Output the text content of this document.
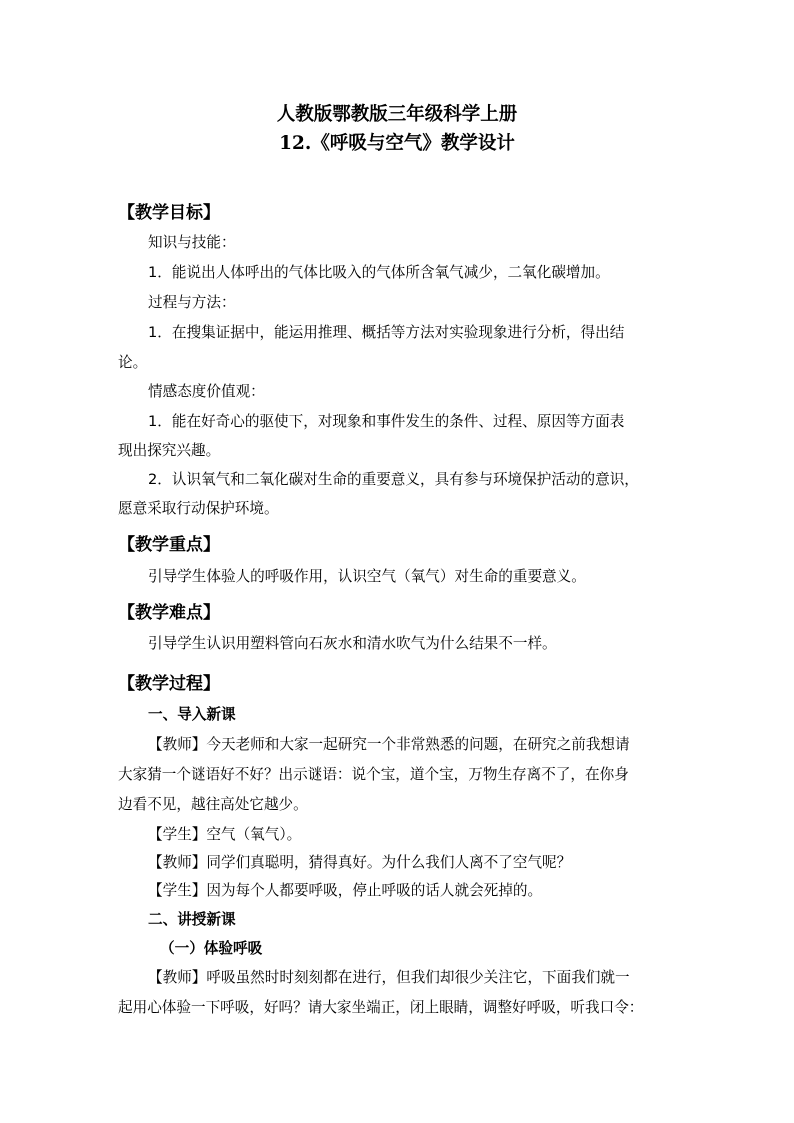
人教版鄂教版三年级科学上册
12.《呼吸与空气》教学设计
【教学目标】
知识与技能：
1．能说出人体呼出的气体比吸入的气体所含氧气减少，二氧化碳增加。
过程与方法：
1．在搜集证据中，能运用推理、概括等方法对实验现象进行分析，得出结
论。
情感态度价值观：
1．能在好奇心的驱使下，对现象和事件发生的条件、过程、原因等方面表
现出探究兴趣。
2．认识氧气和二氧化碳对生命的重要意义，具有参与环境保护活动的意识，
愿意采取行动保护环境。
【教学重点】
引导学生体验人的呼吸作用，认识空气（氧气）对生命的重要意义。
【教学难点】
引导学生认识用塑料管向石灰水和清水吹气为什么结果不一样。
【教学过程】
一、导入新课
【教师】今天老师和大家一起研究一个非常熟悉的问题，在研究之前我想请
大家猜一个谜语好不好？出示谜语：说个宝，道个宝，万物生存离不了，在你身
边看不见，越往高处它越少。
【学生】空气（氧气）。
【教师】同学们真聪明，猜得真好。为什么我们人离不了空气呢？
【学生】因为每个人都要呼吸，停止呼吸的话人就会死掉的。
二、讲授新课
（一）体验呼吸
【教师】呼吸虽然时时刻刻都在进行，但我们却很少关注它，下面我们就一
起用心体验一下呼吸，好吗？请大家坐端正，闭上眼睛，调整好呼吸，听我口令：
